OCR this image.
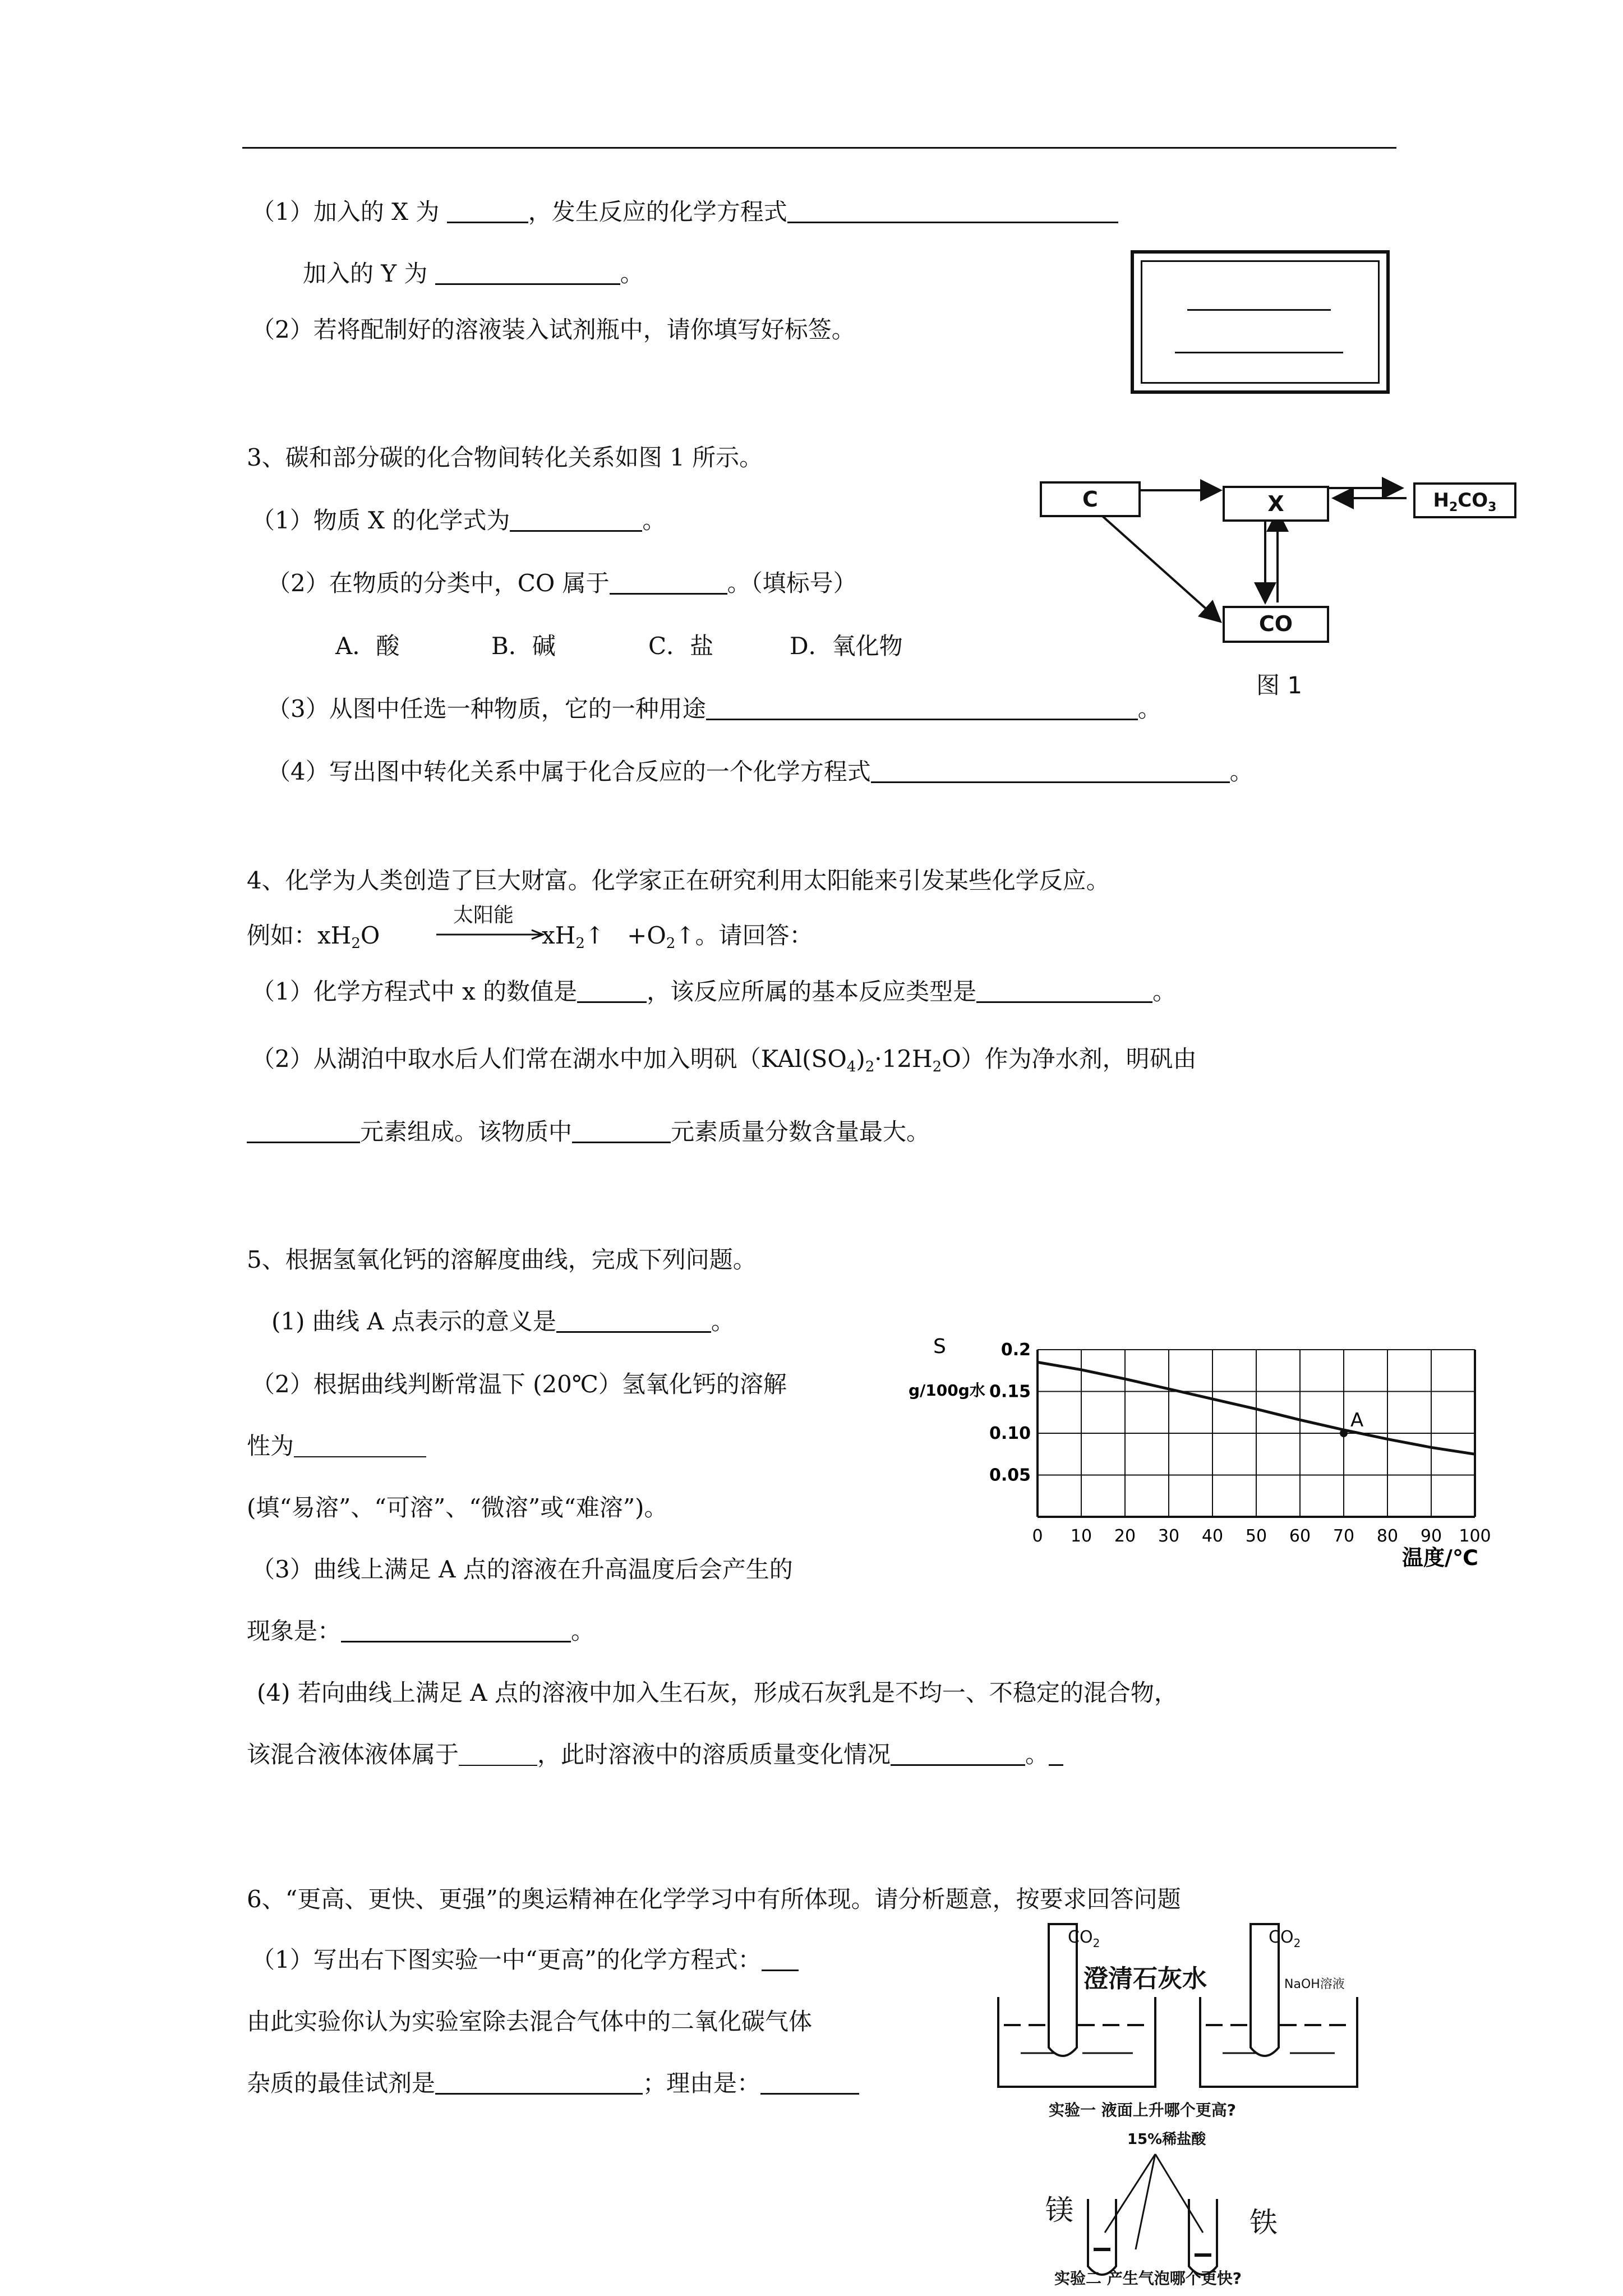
（1）加入的 X 为	，发生反应的化学方程式
加入的 Y 为	。
（2）若将配制好的溶液装入试剂瓶中，请你填写好标签。
3、碳和部分碳的化合物间转化关系如图 1 所示。
（1）物质 X 的化学式为	。
（2）在物质的分类中，CO 属于	。（填标号）
A．酸	B．碱	C．盐	D．氧化物
（3）从图中任选一种物质，它的一种用途	。
（4）写出图中转化关系中属于化合反应的一个化学方程式	。
C	X	$H_2CO_3$
CO
图 1
4、化学为人类创造了巨大财富。化学家正在研究利用太阳能来引发某些化学反应。
例如：$xH_2O$
太阳能
$xH_2↑$ $+O_2↑$。请回答：
（1）化学方程式中 x 的数值是	，该反应所属的基本反应类型是	。
（2）从湖泊中取水后人们常在湖水中加入明矾$(KAl(SO_4)_2\cdot 12H_2O)$作为净水剂，明矾由
元素组成。该物质中	元素质量分数含量最大。
5、根据氢氧化钙的溶解度曲线，完成下列问题。
(1) 曲线 A 点表示的意义是	。
（2）根据曲线判断常温下 (20℃）氢氧化钙的溶解
性为
(填“易溶”、“可溶”、“微溶”或“难溶”)。
（3）曲线上满足 A 点的溶液在升高温度后会产生的
现象是：	。
(4) 若向曲线上满足 A 点的溶液中加入生石灰，形成石灰乳是不均一、不稳定的混合物，
该混合液体液体属于	，此时溶液中的溶质质量变化情况	。
0 10 20 30 40 50 60 70 80 90 100
0.05
0.10
0.15
0.2
A
S
g/100g水
温度/℃
6、“更高、更快、更强”的奥运精神在化学学习中有所体现。请分析题意，按要求回答问题
（1）写出右下图实验一中“更高”的化学方程式：
由此实验你认为实验室除去混合气体中的二氧化碳气体
杂质的最佳试剂是	；理由是：
$CO_2$	$CO_2$
澄清石灰水	NaOH溶液
实验一 液面上升哪个更高?
15%稀盐酸
镁	铁
实验二 产生气泡哪个更快?
